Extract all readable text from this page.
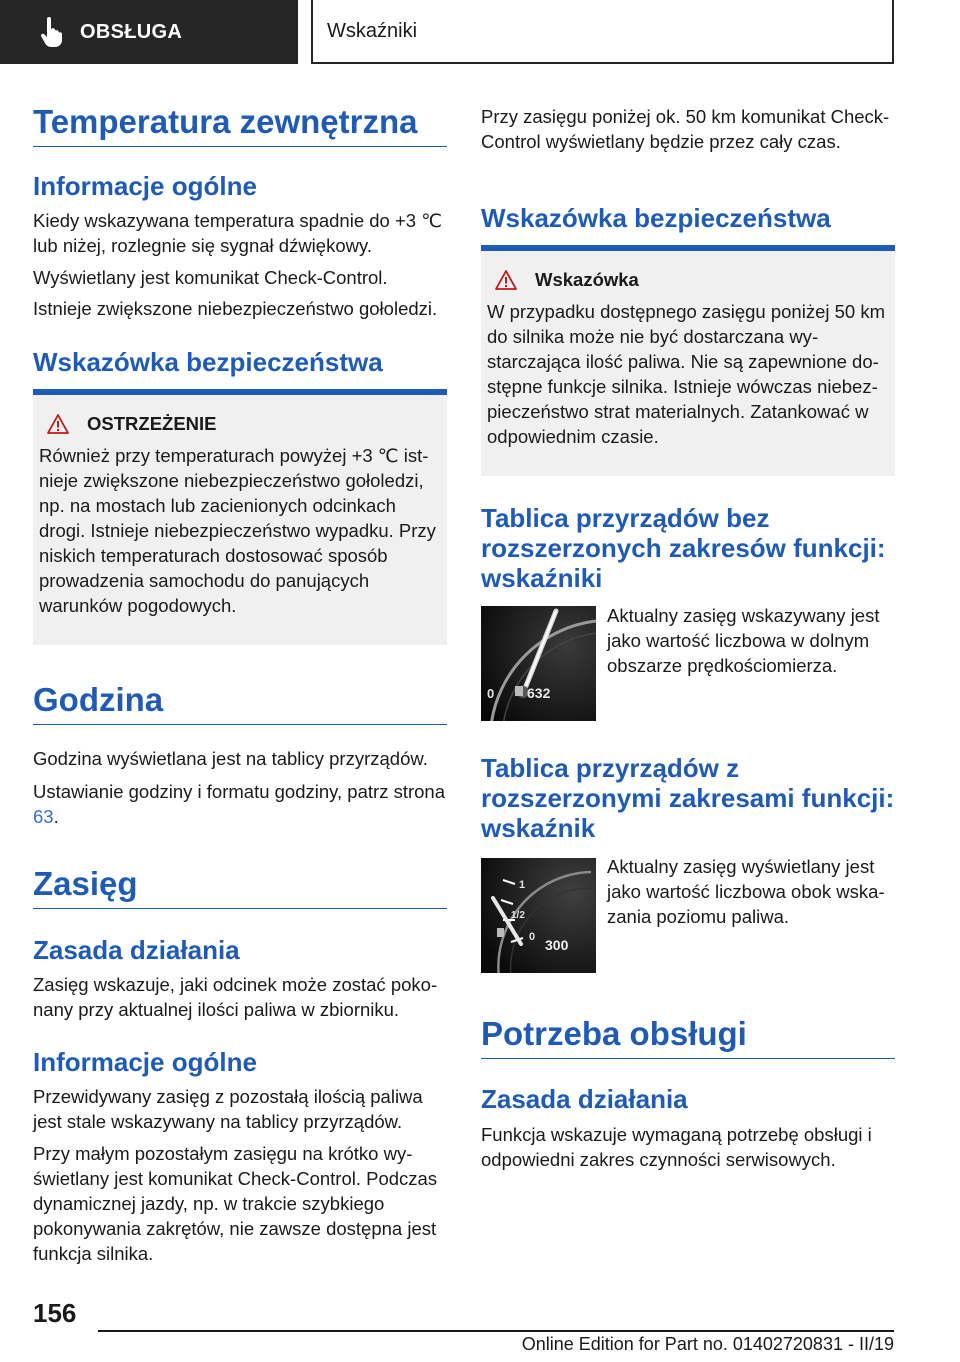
OBSŁUGA	Wskaźniki
Temperatura zewnętrzna
Informacje ogólne
Kiedy wskazywana temperatura spadnie do +3 ℃ lub niżej, rozlegnie się sygnał dźwiękowy.
Wyświetlany jest komunikat Check-Control.
Istnieje zwiększone niebezpieczeństwo gołoledzi.
Wskazówka bezpieczeństwa
OSTRZEŻENIE
Również przy temperaturach powyżej +3 ℃ istnieje zwiększone niebezpieczeństwo gołoledzi, np. na mostach lub zacienionych odcinkach drogi. Istnieje niebezpieczeństwo wypadku. Przy niskich temperaturach dostosować sposób prowadzenia samochodu do panujących warunków pogodowych.
Godzina
Godzina wyświetlana jest na tablicy przyrządów.
Ustawianie godziny i formatu godziny, patrz strona 63.
Zasięg
Zasada działania
Zasięg wskazuje, jaki odcinek może zostać pokonany przy aktualnej ilości paliwa w zbiorniku.
Informacje ogólne
Przewidywany zasięg z pozostałą ilością paliwa jest stale wskazywany na tablicy przyrządów.
Przy małym pozostałym zasięgu na krótko wyświetlany jest komunikat Check-Control. Podczas dynamicznej jazdy, np. w trakcie szybkiego pokonywania zakrętów, nie zawsze dostępna jest funkcja silnika.
Przy zasięgu poniżej ok. 50 km komunikat Check-Control wyświetlany będzie przez cały czas.
Wskazówka bezpieczeństwa
Wskazówka
W przypadku dostępnego zasięgu poniżej 50 km do silnika może nie być dostarczana wystarczająca ilość paliwa. Nie są zapewnione dostępne funkcje silnika. Istnieje wówczas niebezpieczeństwo strat materialnych. Zatankować w odpowiednim czasie.
Tablica przyrządów bez rozszerzonych zakresów funkcji: wskaźniki
0 632
Aktualny zasięg wskazywany jest jako wartość liczbowa w dolnym obszarze prędkościomierza.
Tablica przyrządów z rozszerzonymi zakresami funkcji: wskaźnik
1
1/2
0 300
Aktualny zasięg wyświetlany jest jako wartość liczbowa obok wskazania poziomu paliwa.
Potrzeba obsługi
Zasada działania
Funkcja wskazuje wymaganą potrzebę obsługi i odpowiedni zakres czynności serwisowych.
156
Online Edition for Part no. 01402720831 - II/19
